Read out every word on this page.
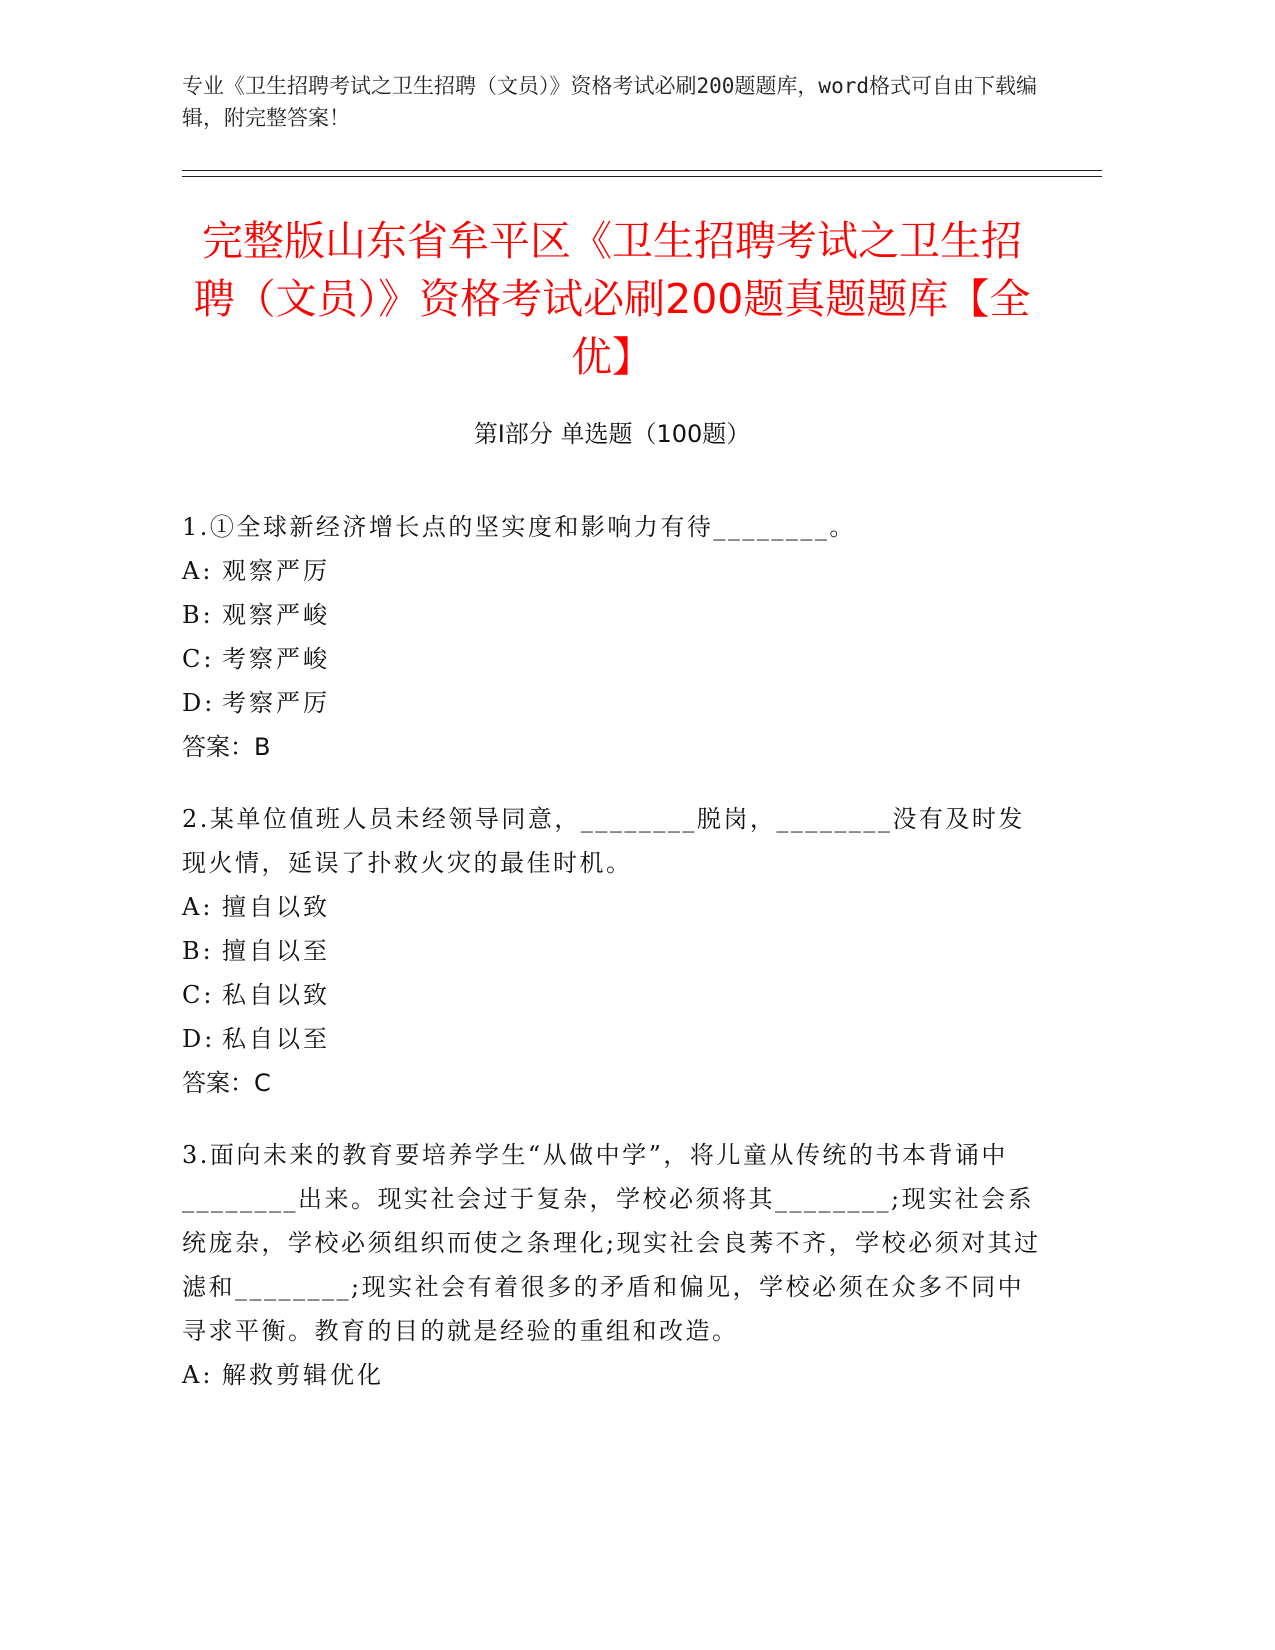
专业《卫生招聘考试之卫生招聘（文员）》资格考试必刷200题题库，word格式可自由下载编辑，附完整答案！
完整版山东省牟平区《卫生招聘考试之卫生招聘（文员）》资格考试必刷200题真题题库【全优】
第Ⅰ部分 单选题（100题）

1.①全球新经济增长点的坚实度和影响力有待________。

A: 观察严厉
B: 观察严峻
C: 考察严峻
D: 考察严厉

答案：B

2.某单位值班人员未经领导同意，________脱岗，________没有及时发现火情，延误了扑救火灾的最佳时机。

A: 擅自以致
B: 擅自以至
C: 私自以致
D: 私自以至

答案：C

3.面向未来的教育要培养学生“从做中学”，将儿童从传统的书本背诵中________出来。现实社会过于复杂，学校必须将其________;现实社会系统庞杂，学校必须组织而使之条理化;现实社会良莠不齐，学校必须对其过滤和________;现实社会有着很多的矛盾和偏见，学校必须在众多不同中寻求平衡。教育的目的就是经验的重组和改造。

A: 解救剪辑优化
